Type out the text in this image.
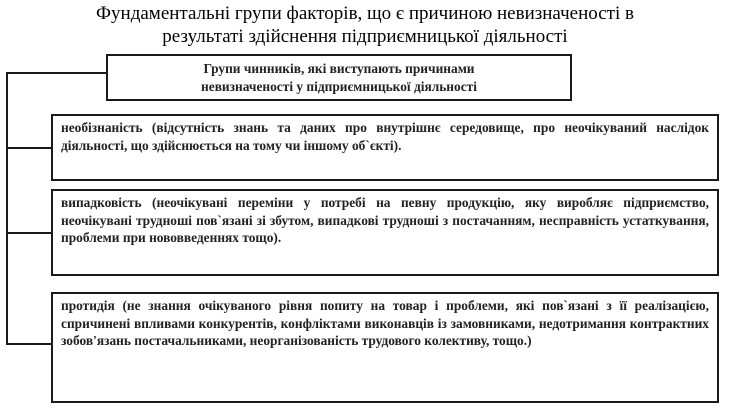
Фундаментальні групи факторів, що є причиною невизначеності в
результаті здійснення підприємницької діяльності
Групи чинників, які виступають причинами
невизначеності у підприємницької діяльності
необізнаність (відсутність знань та даних про внутрішнє середовище, про неочікуваний наслідок діяльності, що здійснюється на тому чи іншому об`єкті).
випадковість (неочікувані переміни у потребі на певну продукцію, яку виробляє підприємство, неочікувані трудноші пов`язані зі збутом, випадкові трудноші з постачанням, несправність устаткування, проблеми при нововведеннях тощо).
протидія (не знання очікуваного рівня попиту на товар і проблеми, які пов`язані з її реалізацією, спричинені впливами конкурентів, конфліктами виконавців із замовниками, недотримання контрактних зобов'язань постачальниками, неорганізованість трудового колективу, тощо.)
